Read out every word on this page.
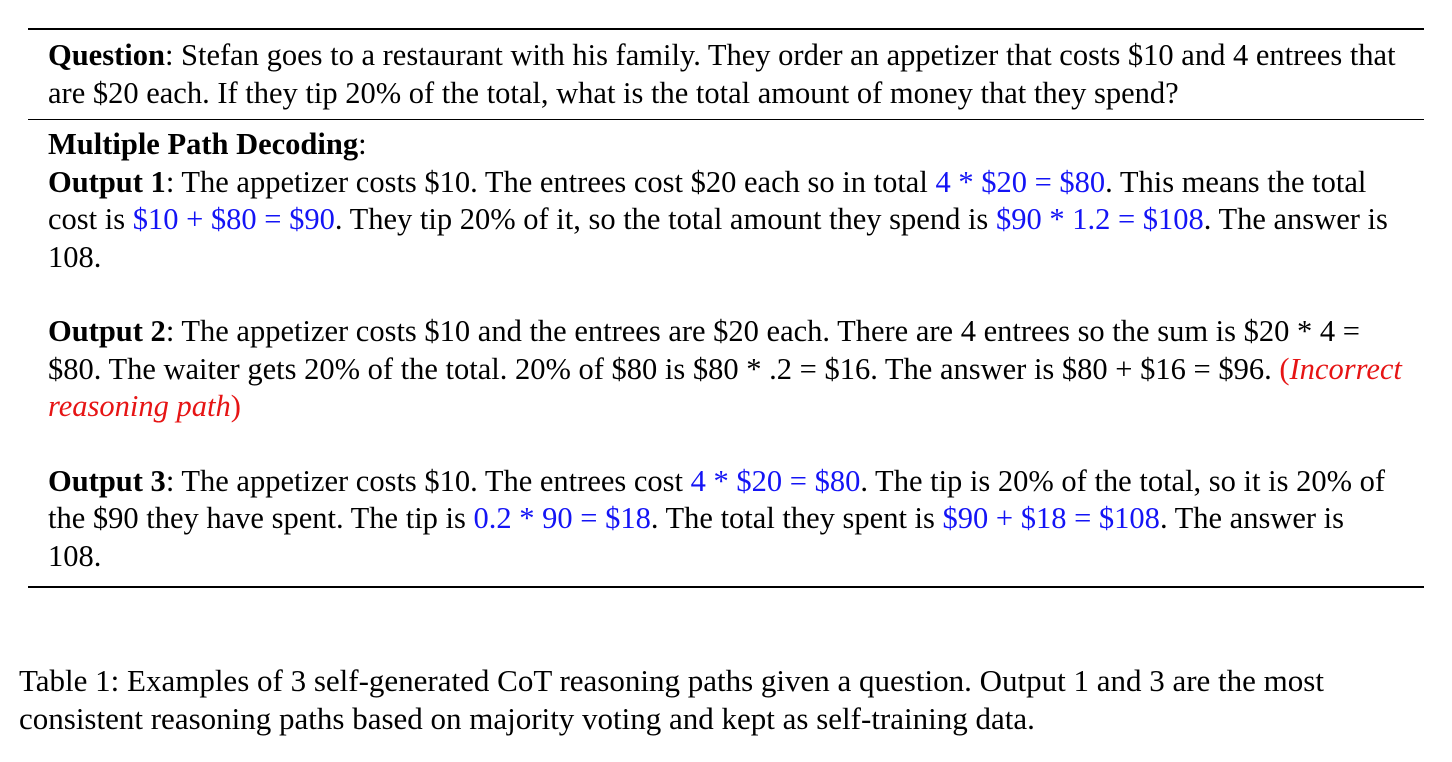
Question: Stefan goes to a restaurant with his family. They order an appetizer that costs $10 and 4 entrees that are $20 each. If they tip 20% of the total, what is the total amount of money that they spend?
Multiple Path Decoding:

Output 1: The appetizer costs $10. The entrees cost $20 each so in total 4 * $20 = $80. This means the total cost is $10 + $80 = $90. They tip 20% of it, so the total amount they spend is $90 * 1.2 = $108. The answer is 108.

Output 2: The appetizer costs $10 and the entrees are $20 each. There are 4 entrees so the sum is $20 * 4 = $80. The waiter gets 20% of the total. 20% of $80 is $80 * .2 = $16. The answer is $80 + $16 = $96. (Incorrect reasoning path)

Output 3: The appetizer costs $10. The entrees cost 4 * $20 = $80. The tip is 20% of the total, so it is 20% of the $90 they have spent. The tip is 0.2 * 90 = $18. The total they spent is $90 + $18 = $108. The answer is 108.

Table 1: Examples of 3 self-generated CoT reasoning paths given a question. Output 1 and 3 are the most consistent reasoning paths based on majority voting and kept as self-training data.
